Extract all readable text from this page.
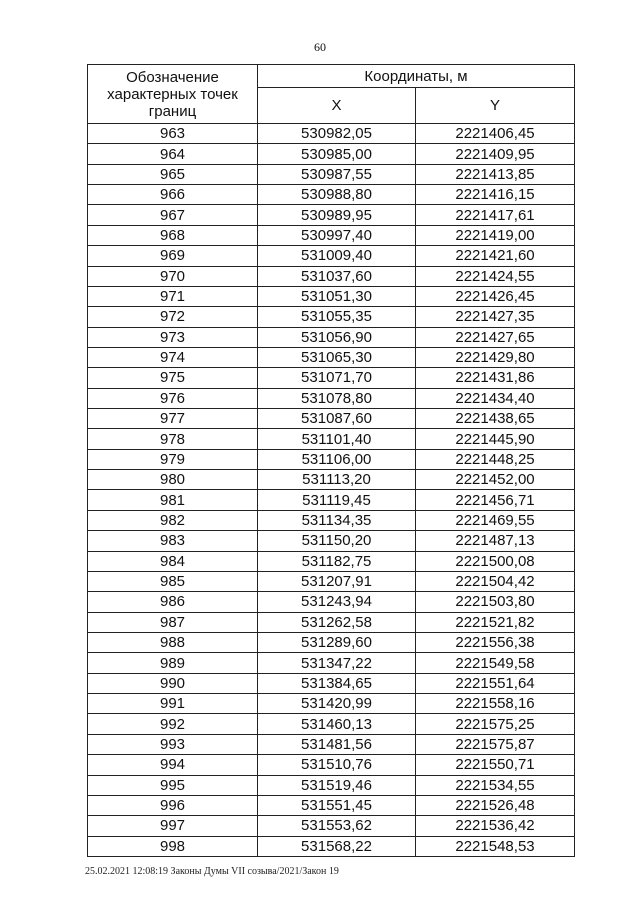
60
Обозначение характерных точек границ	Координаты, м	
	X	Y
963	530982,05	2221406,45
964	530985,00	2221409,95
965	530987,55	2221413,85
966	530988,80	2221416,15
967	530989,95	2221417,61
968	530997,40	2221419,00
969	531009,40	2221421,60
970	531037,60	2221424,55
971	531051,30	2221426,45
972	531055,35	2221427,35
973	531056,90	2221427,65
974	531065,30	2221429,80
975	531071,70	2221431,86
976	531078,80	2221434,40
977	531087,60	2221438,65
978	531101,40	2221445,90
979	531106,00	2221448,25
980	531113,20	2221452,00
981	531119,45	2221456,71
982	531134,35	2221469,55
983	531150,20	2221487,13
984	531182,75	2221500,08
985	531207,91	2221504,42
986	531243,94	2221503,80
987	531262,58	2221521,82
988	531289,60	2221556,38
989	531347,22	2221549,58
990	531384,65	2221551,64
991	531420,99	2221558,16
992	531460,13	2221575,25
993	531481,56	2221575,87
994	531510,76	2221550,71
995	531519,46	2221534,55
996	531551,45	2221526,48
997	531553,62	2221536,42
998	531568,22	2221548,53
25.02.2021 12:08:19 Законы Думы VII созыва/2021/Закон 19
